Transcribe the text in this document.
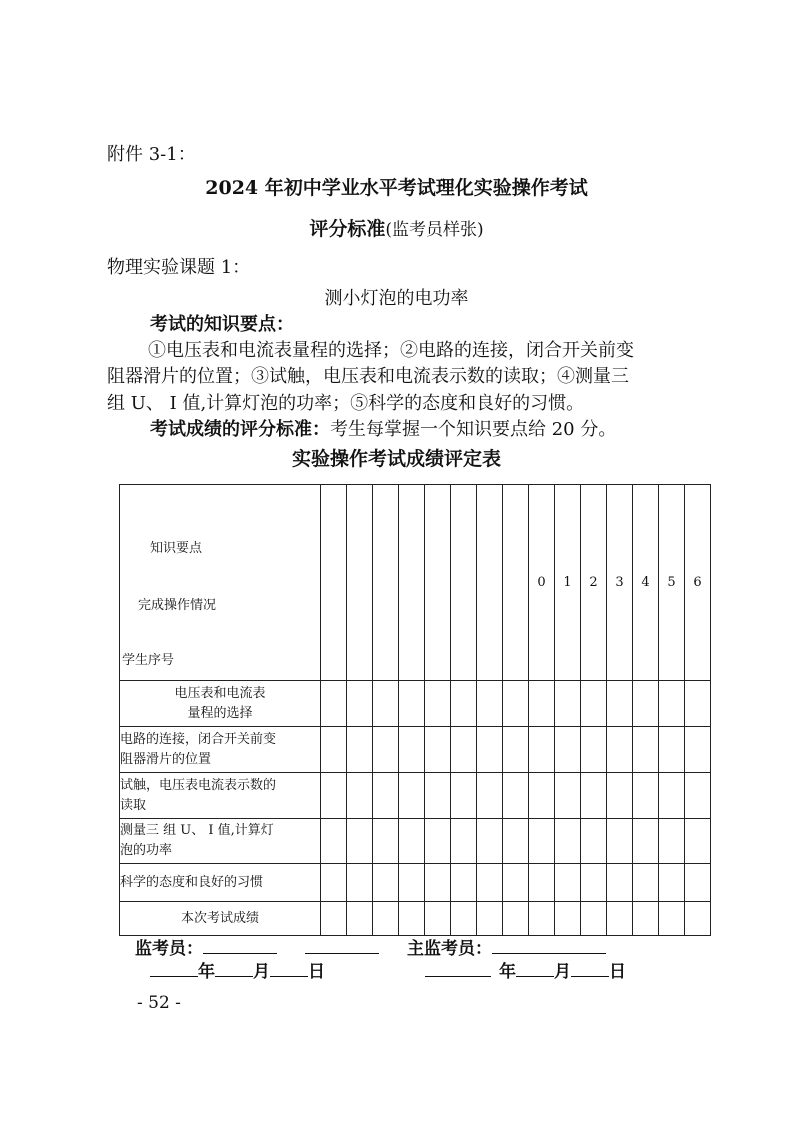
附件 3-1：
2024 年初中学业水平考试理化实验操作考试
评分标准(监考员样张)
物理实验课题 1：
测小灯泡的电功率
考试的知识要点：
①电压表和电流表量程的选择；②电路的连接，闭合开关前变
阻器滑片的位置；③试触，电压表和电流表示数的读取；④测量三
组 U、 I 值,计算灯泡的功率；⑤科学的态度和良好的习惯。
考试成绩的评分标准：考生每掌握一个知识要点给 20 分。
实验操作考试成绩评定表
知识要点
完成操作情况
学生序号									0	1	2	3	4	5	6
电压表和电流表
量程的选择															
电路的连接，闭合开关前变
阻器滑片的位置															
试触，电压表电流表示数的
读取															
测量三 组 U、 I 值,计算灯
泡的功率															
科学的态度和良好的习惯															
本次考试成绩															
监考员：	主监考员：
年 月 日	年 月 日
- 52 -
